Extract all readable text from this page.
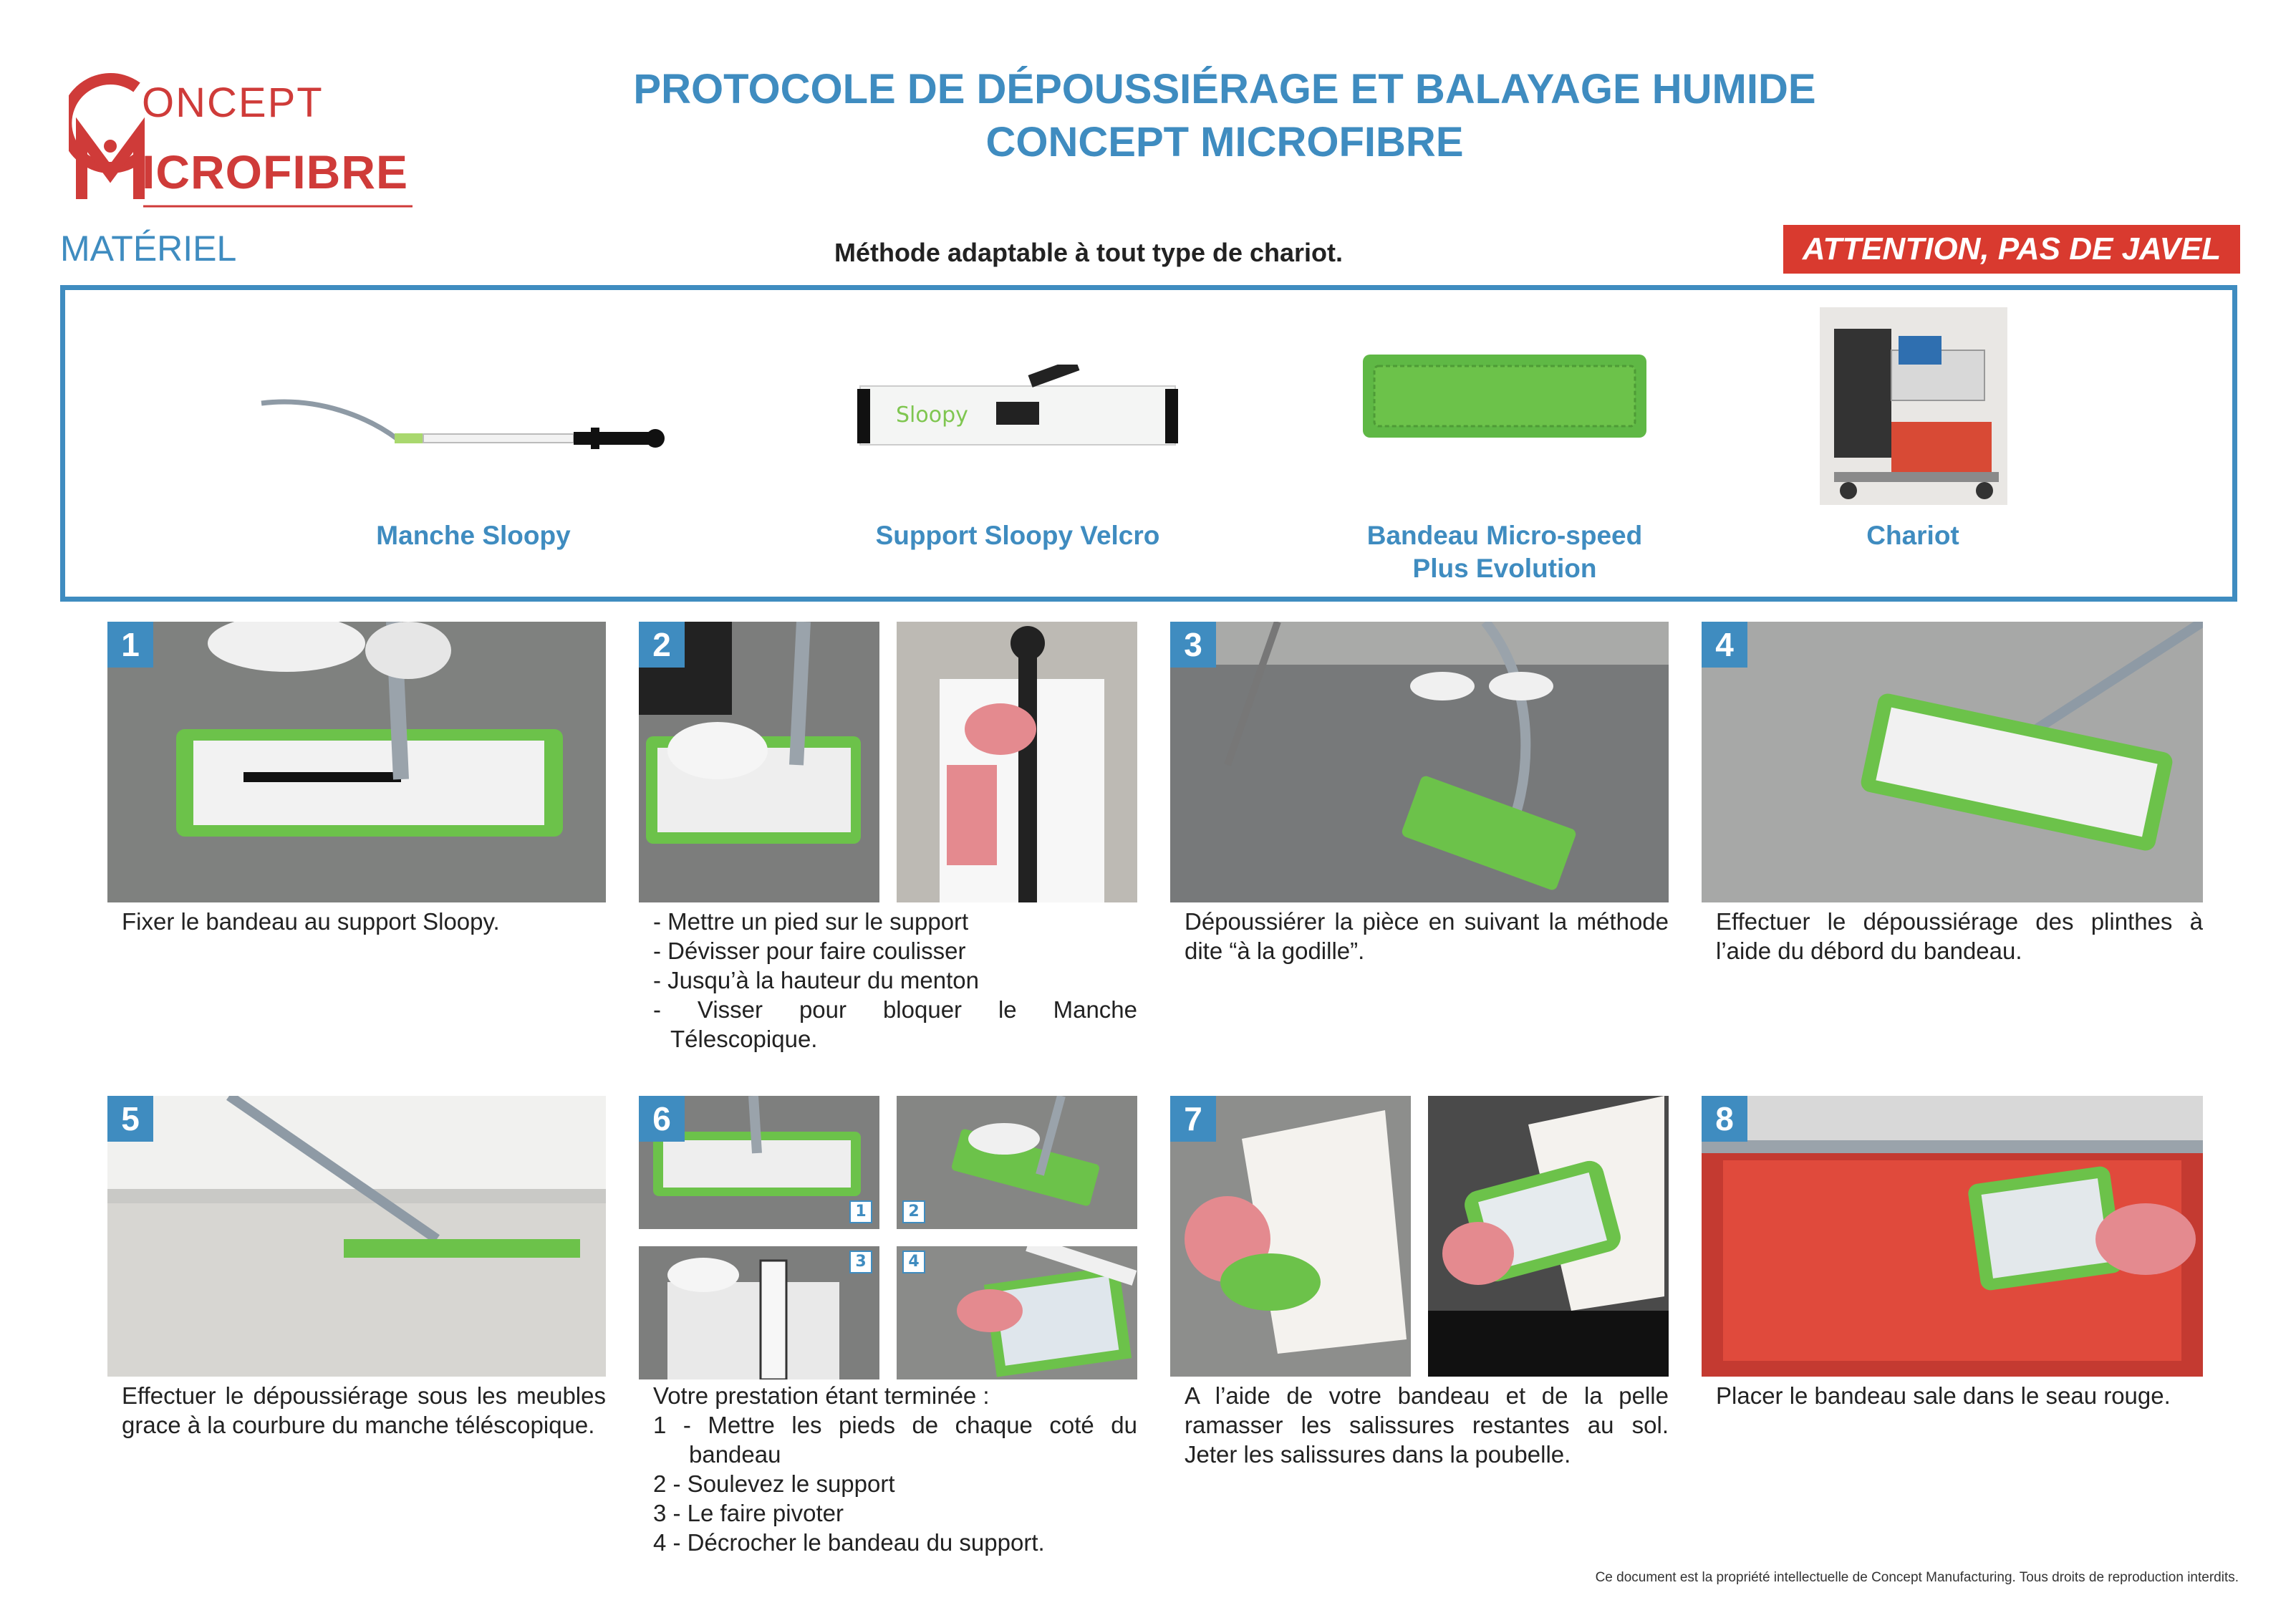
ONCEPT
ICROFIBRE
PROTOCOLE DE DÉPOUSSIÉRAGE ET BALAYAGE HUMIDE
CONCEPT MICROFIBRE
MATÉRIEL	Méthode adaptable à tout type de chariot.	ATTENTION, PAS DE JAVEL
Manche Sloopy
Sloopy
Support Sloopy Velcro	Bandeau Micro-speed
Plus Evolution
Chariot
1
Fixer le bandeau au support Sloopy.
2
- Mettre un pied sur le support
- Dévisser pour faire coulisser
- Jusqu’à la hauteur du menton
- Visser pour bloquer le Manche Télescopique.
3
Dépoussiérer la pièce en suivant la méthode dite “à la godille”.
4
Effectuer le dépoussiérage des plinthes à l’aide du débord du bandeau.
5
Effectuer le dépoussiérage sous les meubles grace à la courbure du manche téléscopique.
1	2
3	4
6
Votre prestation étant terminée :
1 - Mettre les pieds de chaque coté du bandeau
2 - Soulevez le support
3 - Le faire pivoter
4 - Décrocher le bandeau du support.
7
A l’aide de votre bandeau et de la pelle ramasser les salissures restantes au sol. Jeter les salissures dans la poubelle.
8
Placer le bandeau sale dans le seau rouge.
Ce document est la propriété intellectuelle de Concept Manufacturing. Tous droits de reproduction interdits.
